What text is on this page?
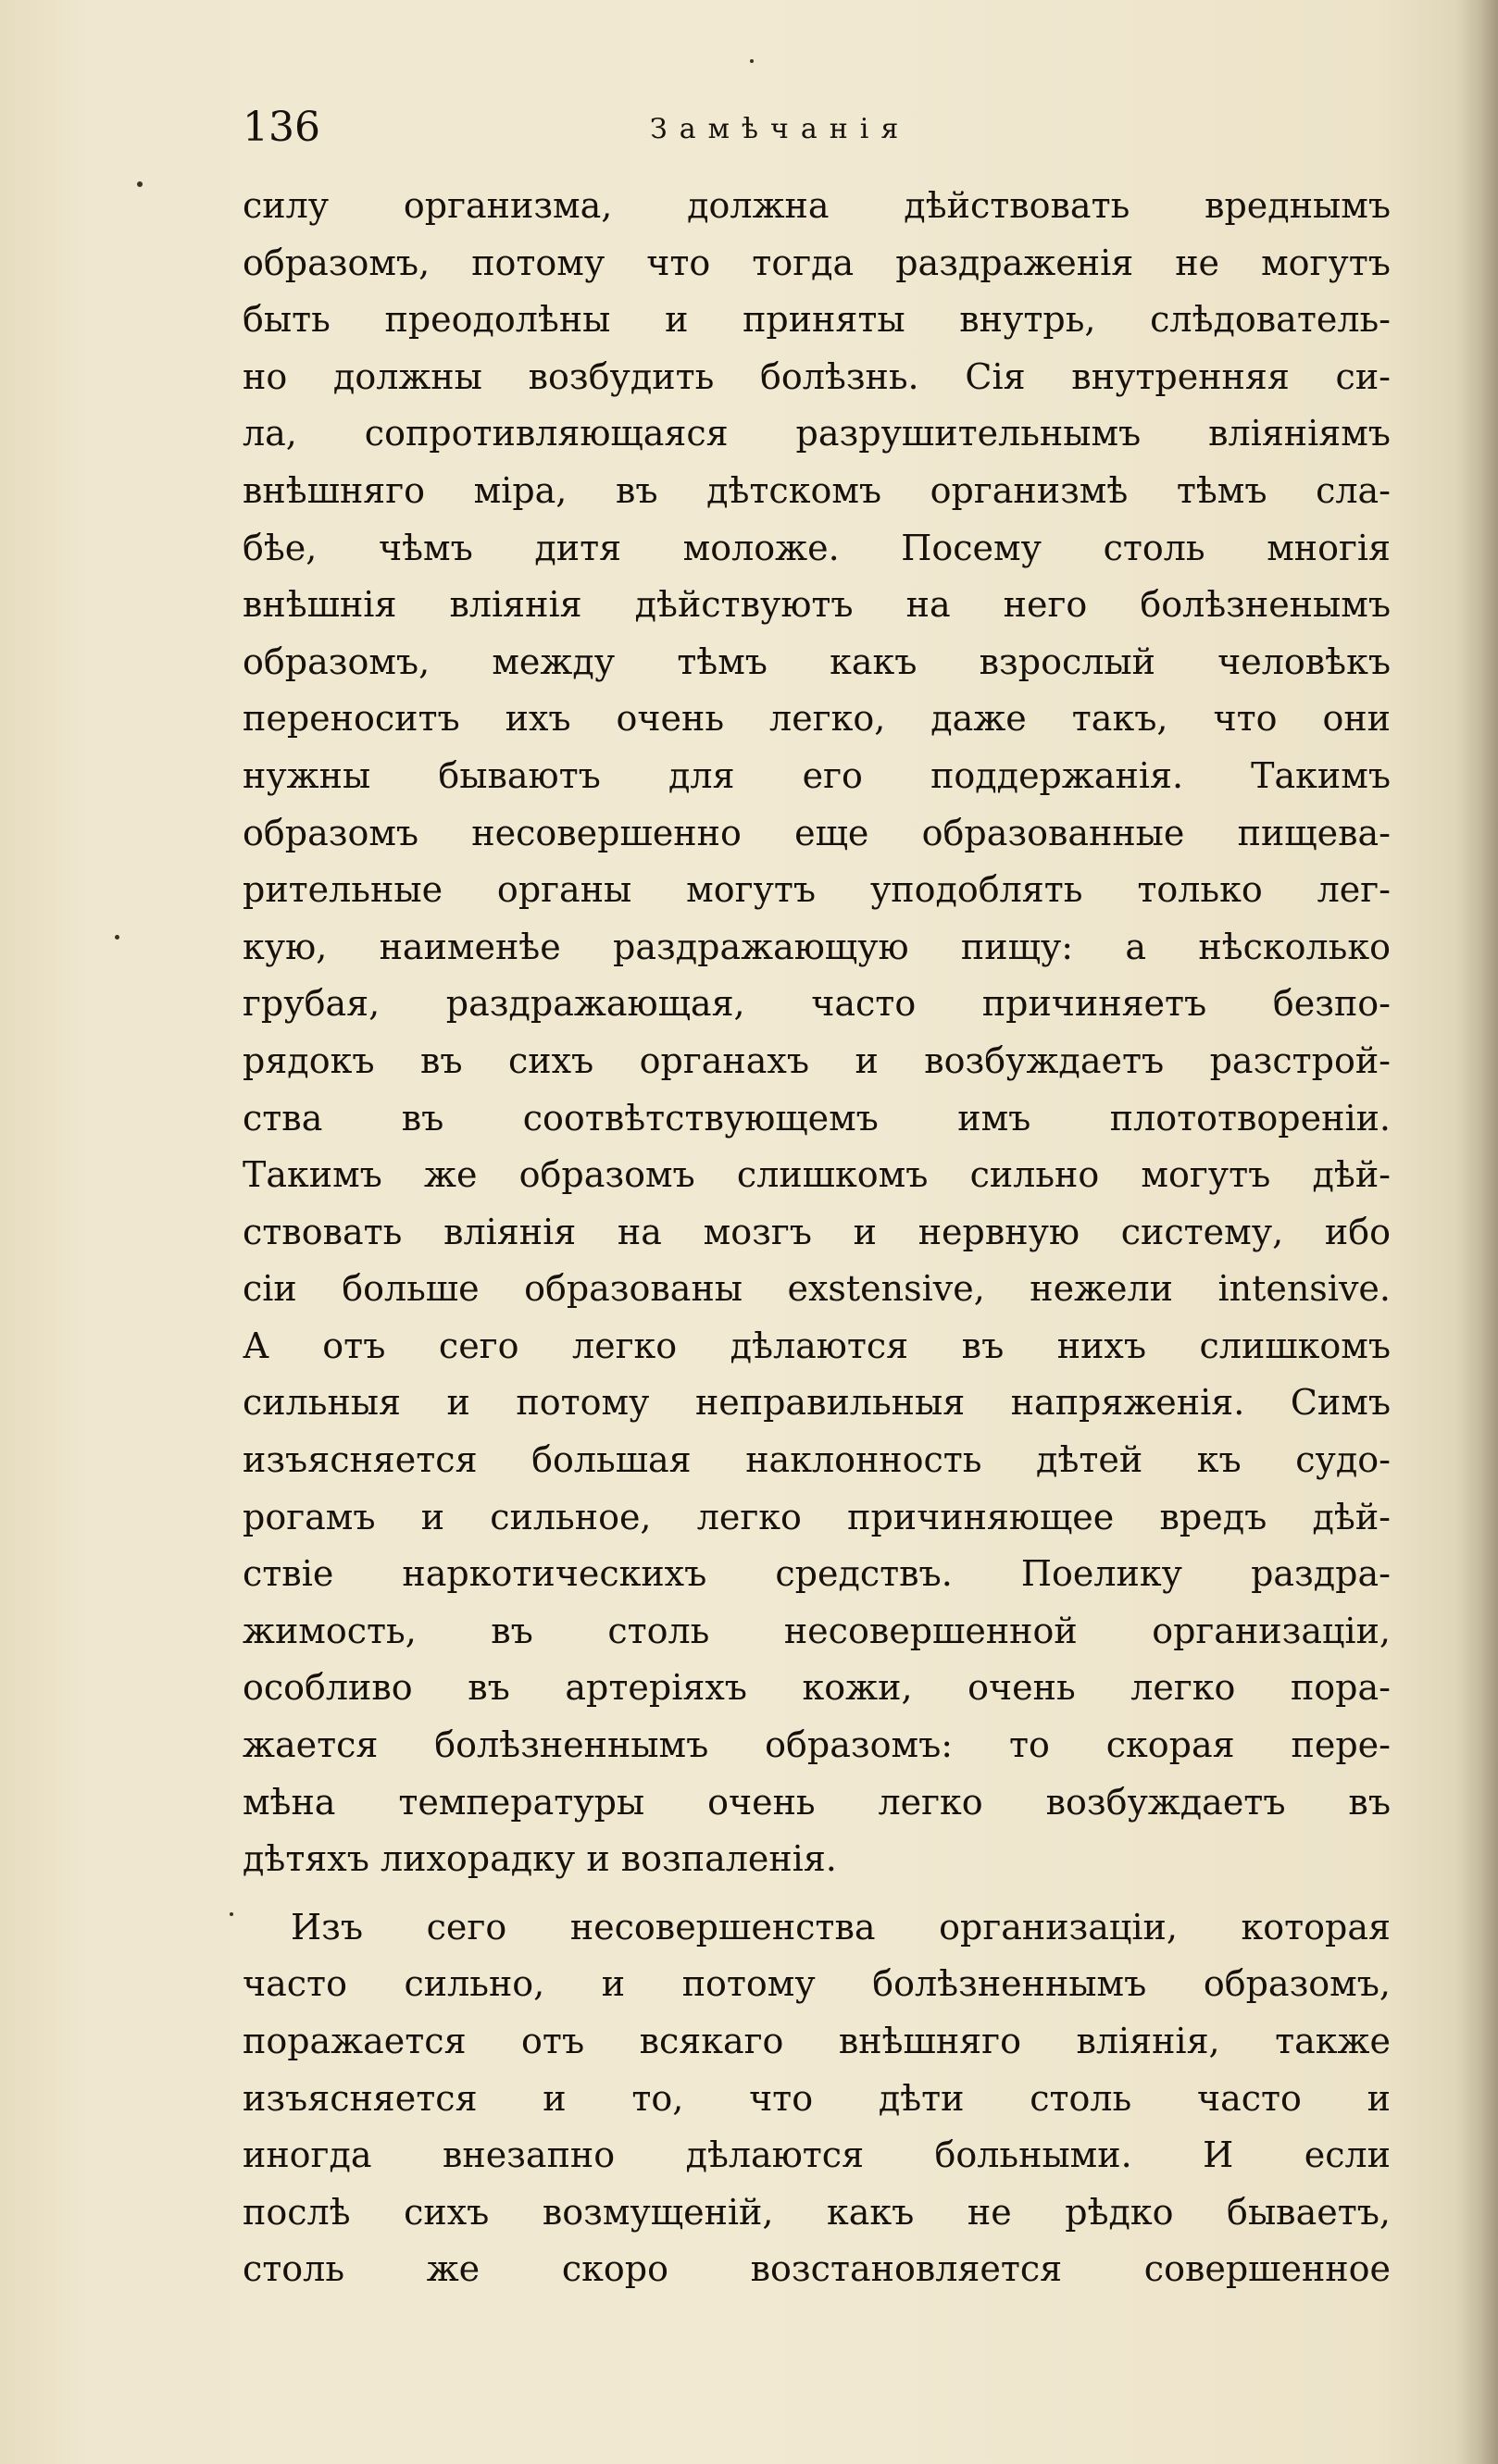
136	Замѣчанія
силу организма, должна дѣйствовать вреднымъ
образомъ, потому что тогда раздраженія не могутъ
быть преодолѣны и приняты внутрь, слѣдователь-
но должны возбудить болѣзнь. Сія внутренняя си-
ла, сопротивляющаяся разрушительнымъ вліяніямъ
внѣшняго міра, въ дѣтскомъ организмѣ тѣмъ сла-
бѣе, чѣмъ дитя моложе. Посему столь многія
внѣшнія вліянія дѣйствуютъ на него болѣзненымъ
образомъ, между тѣмъ какъ взрослый человѣкъ
переноситъ ихъ очень легко, даже такъ, что они
нужны бываютъ для его поддержанія. Такимъ
образомъ несовершенно еще образованные пищева-
рительные органы могутъ уподоблять только лег-
кую, наименѣе раздражающую пищу: а нѣсколько
грубая, раздражающая, часто причиняетъ безпо-
рядокъ въ сихъ органахъ и возбуждаетъ разстрой-
ства въ соотвѣтствующемъ имъ плототвореніи.
Такимъ же образомъ слишкомъ сильно могутъ дѣй-
ствовать вліянія на мозгъ и нервную систему, ибо
сіи больше образованы exstensive, нежели intensive.
А отъ сего легко дѣлаются въ нихъ слишкомъ
сильныя и потому неправильныя напряженія. Симъ
изъясняется большая наклонность дѣтей къ судо-
рогамъ и сильное, легко причиняющее вредъ дѣй-
ствіе наркотическихъ средствъ. Поелику раздра-
жимость, въ столь несовершенной организаціи,
особливо въ артеріяхъ кожи, очень легко пора-
жается болѣзненнымъ образомъ: то скорая пере-
мѣна температуры очень легко возбуждаетъ въ
дѣтяхъ лихорадку и возпаленія.
Изъ сего несовершенства организаціи, которая
часто сильно, и потому болѣзненнымъ образомъ,
поражается отъ всякаго внѣшняго вліянія, также
изъясняется и то, что дѣти столь часто и
иногда внезапно дѣлаются больными. И если
послѣ сихъ возмущеній, какъ не рѣдко бываетъ,
столь же скоро возстановляется совершенное
